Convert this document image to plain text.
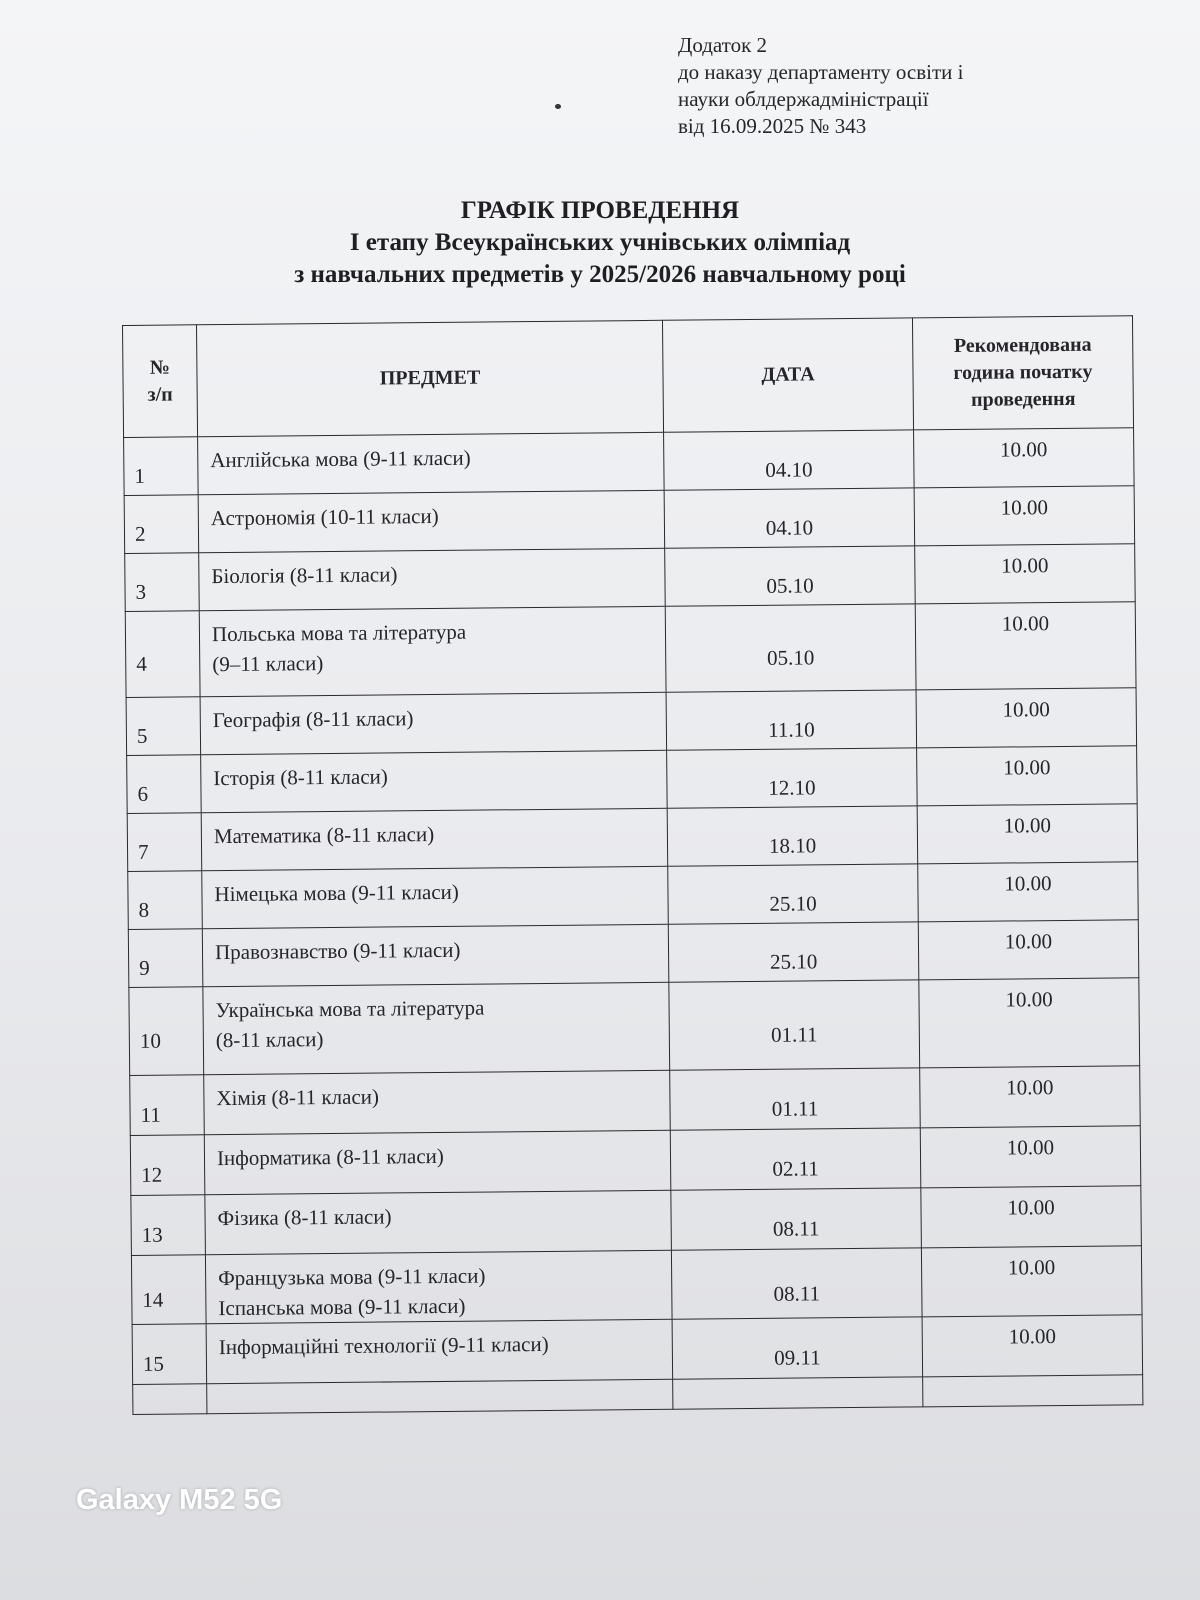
Додаток 2
до наказу департаменту освіти і
науки облдержадміністрації
від 16.09.2025 № 343
ГРАФІК ПРОВЕДЕННЯ
І етапу Всеукраїнських учнівських олімпіад
з навчальних предметів у 2025/2026 навчальному році
№
з/п	ПРЕДМЕТ	ДАТА	Рекомендована
година початку
проведення
1	Англійська мова (9-11 класи)	04.10	10.00
2	Астрономія (10-11 класи)	04.10	10.00
3	Біологія (8-11 класи)	05.10	10.00
4	Польська мова та література
(9–11 класи)	05.10	10.00
5	Географія (8-11 класи)	11.10	10.00
6	Історія (8-11 класи)	12.10	10.00
7	Математика (8-11 класи)	18.10	10.00
8	Німецька мова (9-11 класи)	25.10	10.00
9	Правознавство (9-11 класи)	25.10	10.00
10	Українська мова та література
(8-11 класи)	01.11	10.00
11	Хімія (8-11 класи)	01.11	10.00
12	Інформатика (8-11 класи)	02.11	10.00
13	Фізика (8-11 класи)	08.11	10.00
14	Французька мова (9-11 класи)
Іспанська мова (9-11 класи)	08.11	10.00
15	Інформаційні технології (9-11 класи)	09.11	10.00

Galaxy M52 5G
